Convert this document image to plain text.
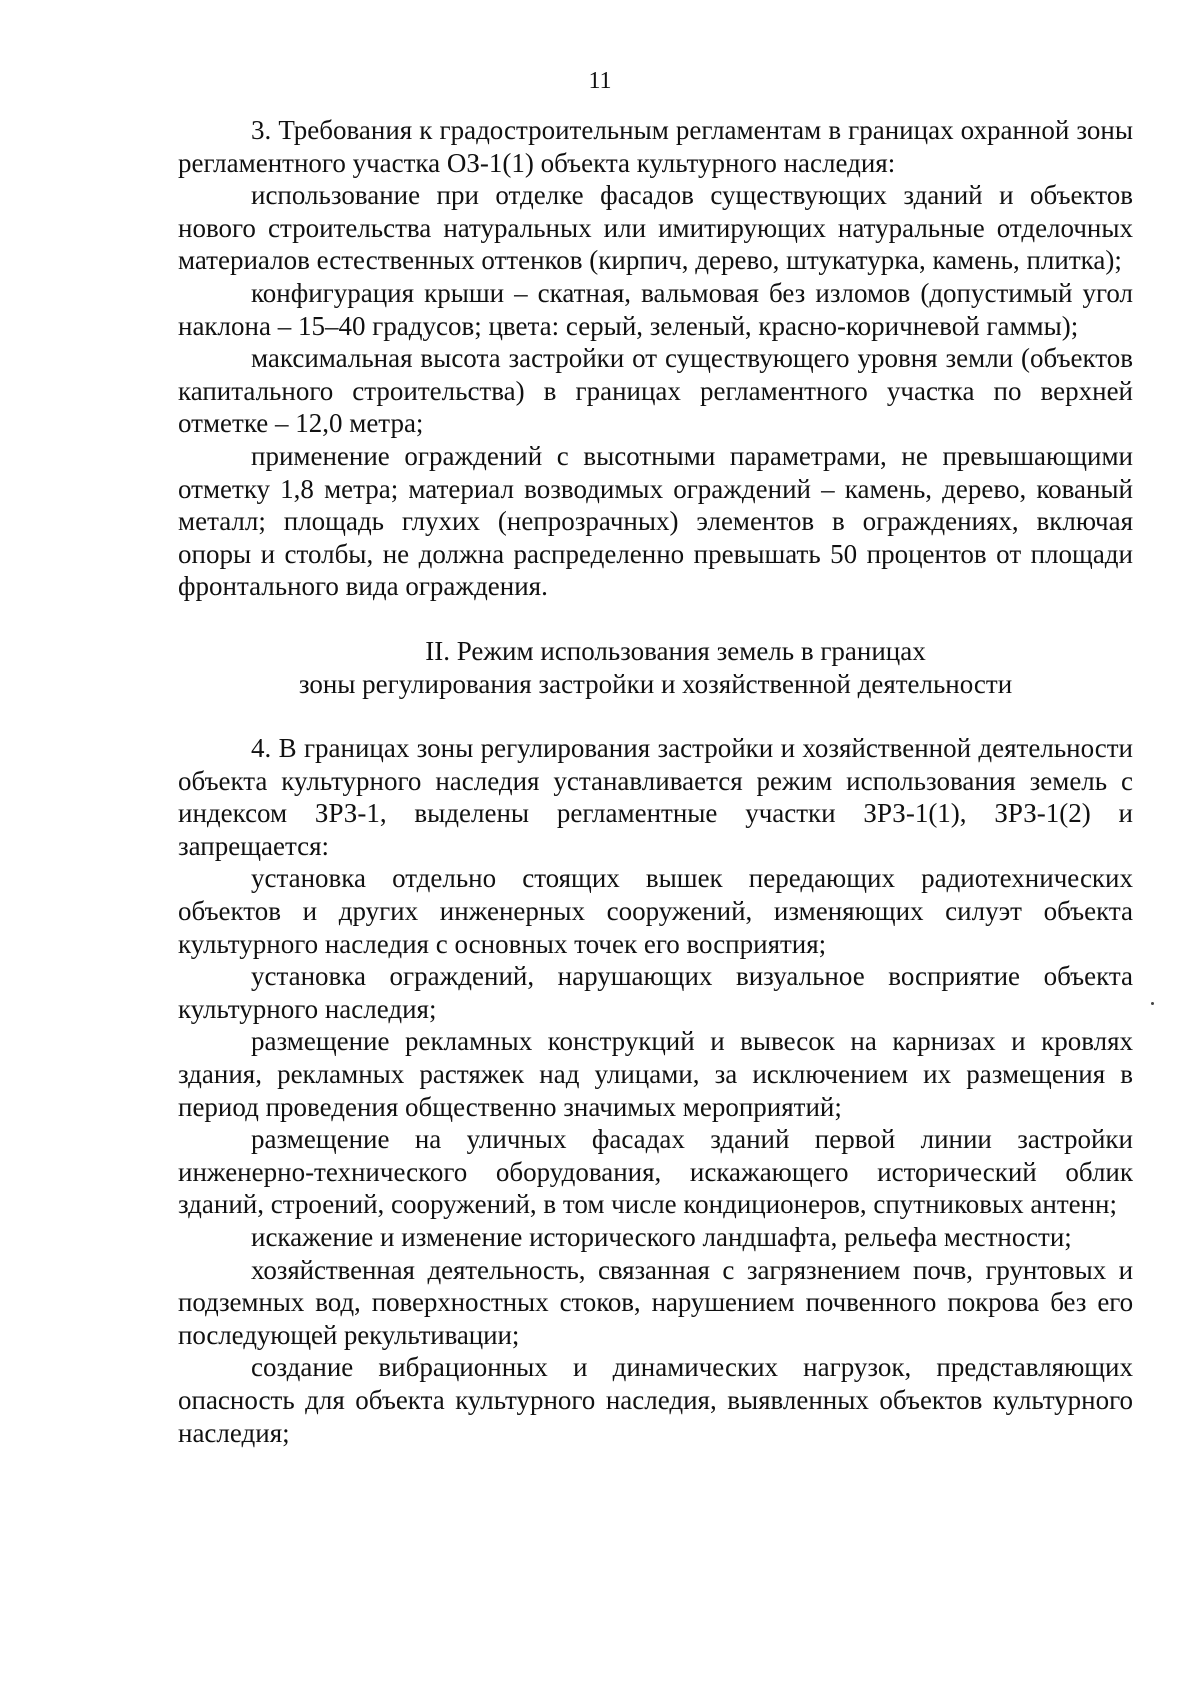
11

3. Требования к градостроительным регламентам в границах охранной зоны регламентного участка ОЗ-1(1) объекта культурного наследия:

использование при отделке фасадов существующих зданий и объектов нового строительства натуральных или имитирующих натуральные отделочных материалов естественных оттенков (кирпич, дерево, штукатурка, камень, плитка);

конфигурация крыши – скатная, вальмовая без изломов (допустимый угол наклона – 15–40 градусов; цвета: серый, зеленый, красно-коричневой гаммы);

максимальная высота застройки от существующего уровня земли (объектов капитального строительства) в границах регламентного участка по верхней отметке – 12,0 метра;

применение ограждений с высотными параметрами, не превышающими отметку 1,8 метра; материал возводимых ограждений – камень, дерево, кованый металл; площадь глухих (непрозрачных) элементов в ограждениях, включая опоры и столбы, не должна распределенно превышать 50 процентов от площади фронтального вида ограждения.

II. Режим использования земель в границах
зоны регулирования застройки и хозяйственной деятельности

4. В границах зоны регулирования застройки и хозяйственной деятельности объекта культурного наследия устанавливается режим использования земель с индексом ЗРЗ-1, выделены регламентные участки ЗРЗ-1(1), ЗРЗ-1(2) и запрещается:

установка отдельно стоящих вышек передающих радиотехнических объектов и других инженерных сооружений, изменяющих силуэт объекта культурного наследия с основных точек его восприятия;

установка ограждений, нарушающих визуальное восприятие объекта культурного наследия;

размещение рекламных конструкций и вывесок на карнизах и кровлях здания, рекламных растяжек над улицами, за исключением их размещения в период проведения общественно значимых мероприятий;

размещение на уличных фасадах зданий первой линии застройки инженерно-технического оборудования, искажающего исторический облик зданий, строений, сооружений, в том числе кондиционеров, спутниковых антенн;

искажение и изменение исторического ландшафта, рельефа местности;

хозяйственная деятельность, связанная с загрязнением почв, грунтовых и подземных вод, поверхностных стоков, нарушением почвенного покрова без его последующей рекультивации;

создание вибрационных и динамических нагрузок, представляющих опасность для объекта культурного наследия, выявленных объектов культурного наследия;
